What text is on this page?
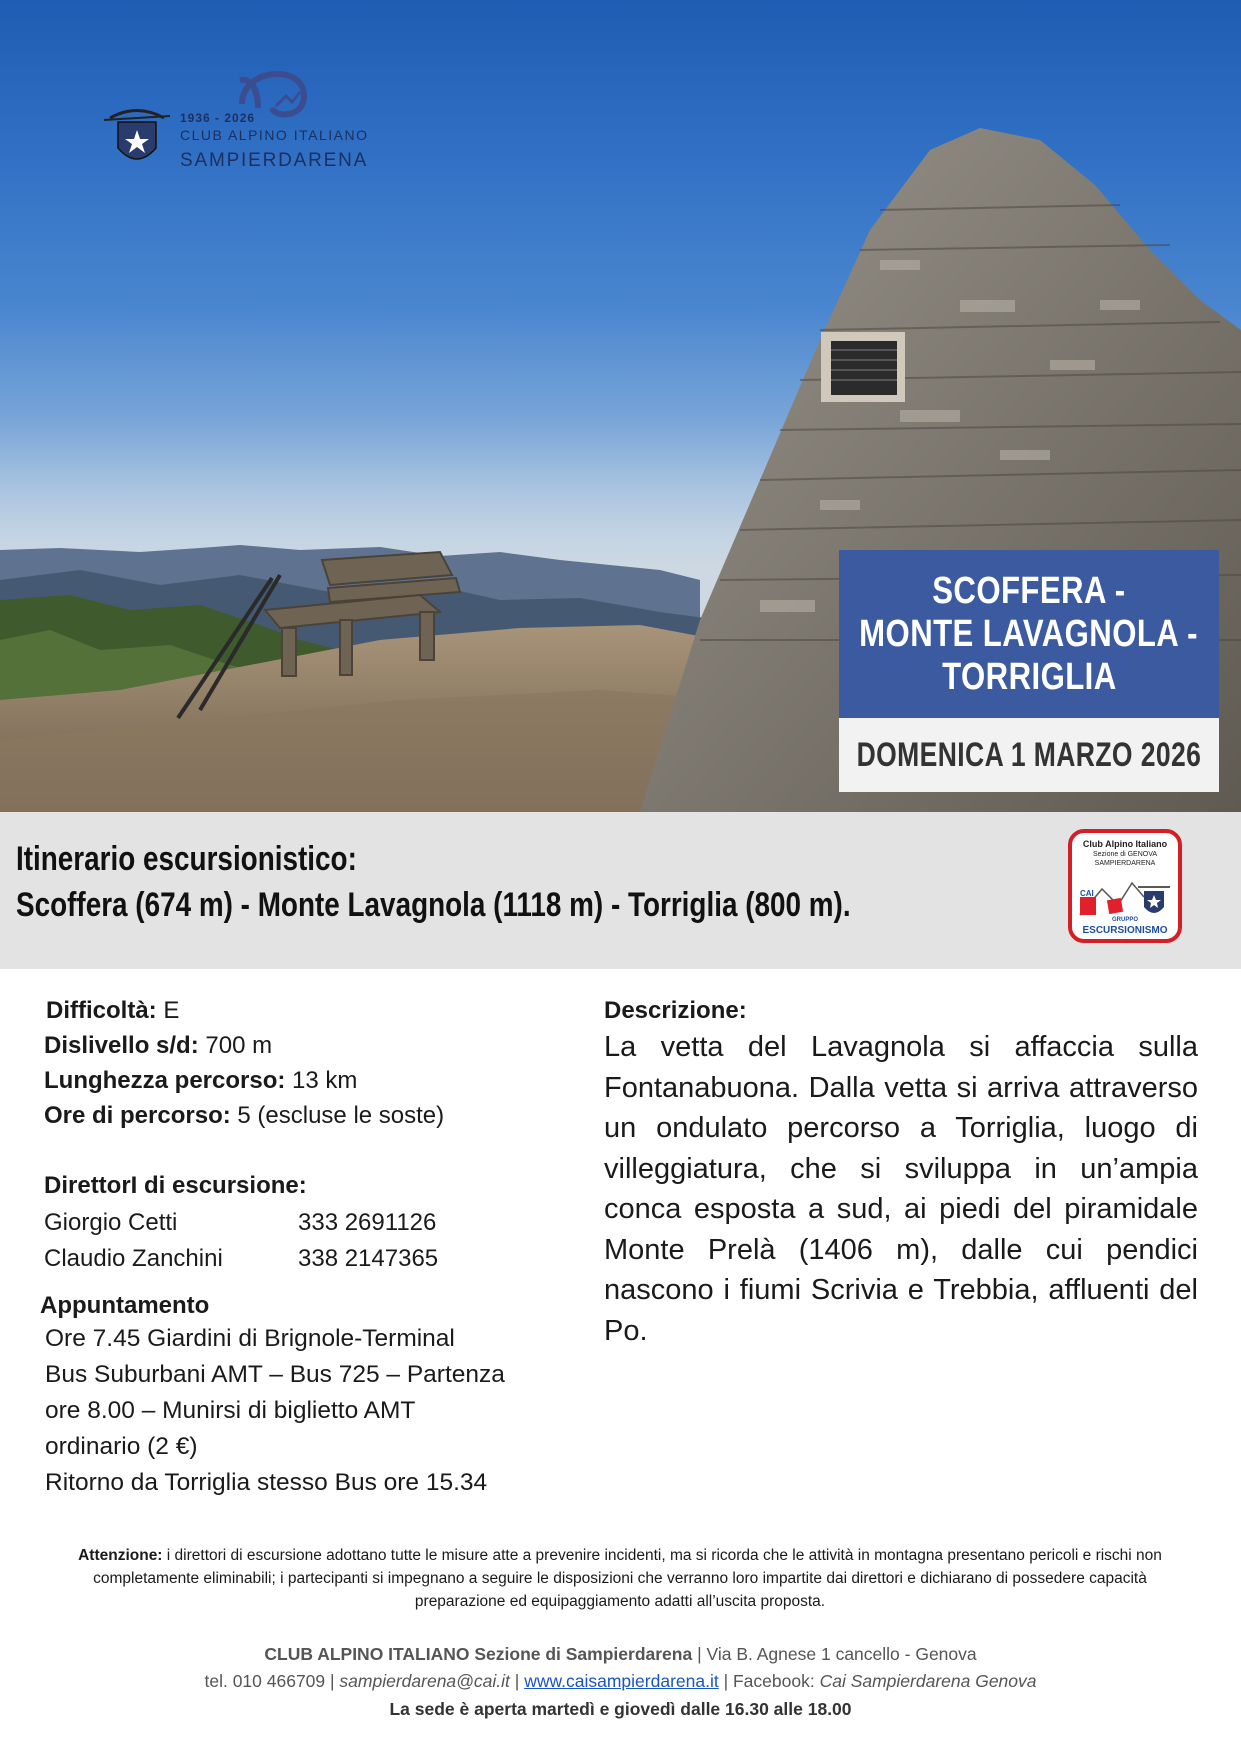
1936 - 2026
CLUB ALPINO ITALIANO
SAMPIERDARENA
SCOFFERA -
MONTE LAVAGNOLA -
TORRIGLIA
DOMENICA 1 MARZO 2026
Itinerario escursionistico:
Scoffera (674 m) - Monte Lavagnola (1118 m) - Torriglia (800 m).
Club Alpino Italiano
Sezione di GENOVA
SAMPIERDARENA
CAI
GRUPPO
ESCURSIONISMO
Difficoltà: E
Dislivello s/d: 700 m
Lunghezza percorso: 13 km
Ore di percorso: 5 (escluse le soste)
DirettorI di escursione:
Giorgio Cetti	333 2691126
Claudio Zanchini	338 2147365
Appuntamento
Ore 7.45 Giardini di Brignole-Terminal
Bus Suburbani AMT – Bus 725 – Partenza
ore 8.00 – Munirsi di biglietto AMT
ordinario (2 €)
Ritorno da Torriglia stesso Bus ore 15.34
Descrizione:
La vetta del Lavagnola si affaccia sulla Fontanabuona. Dalla vetta si arriva attraverso un ondulato percorso a Torriglia, luogo di villeggiatura, che si sviluppa in un’ampia conca esposta a sud, ai piedi del piramidale Monte Prelà (1406 m), dalle cui pendici nascono i fiumi Scrivia e Trebbia, affluenti del Po.
Attenzione: i direttori di escursione adottano tutte le misure atte a prevenire incidenti, ma si ricorda che le attività in montagna presentano pericoli e rischi non completamente eliminabili; i partecipanti si impegnano a seguire le disposizioni che verranno loro impartite dai direttori e dichiarano di possedere capacità preparazione ed equipaggiamento adatti all’uscita proposta.
CLUB ALPINO ITALIANO Sezione di Sampierdarena | Via B. Agnese 1 cancello - Genova
tel. 010 466709 | sampierdarena@cai.it | www.caisampierdarena.it | Facebook: Cai Sampierdarena Genova
La sede è aperta martedì e giovedì dalle 16.30 alle 18.00
